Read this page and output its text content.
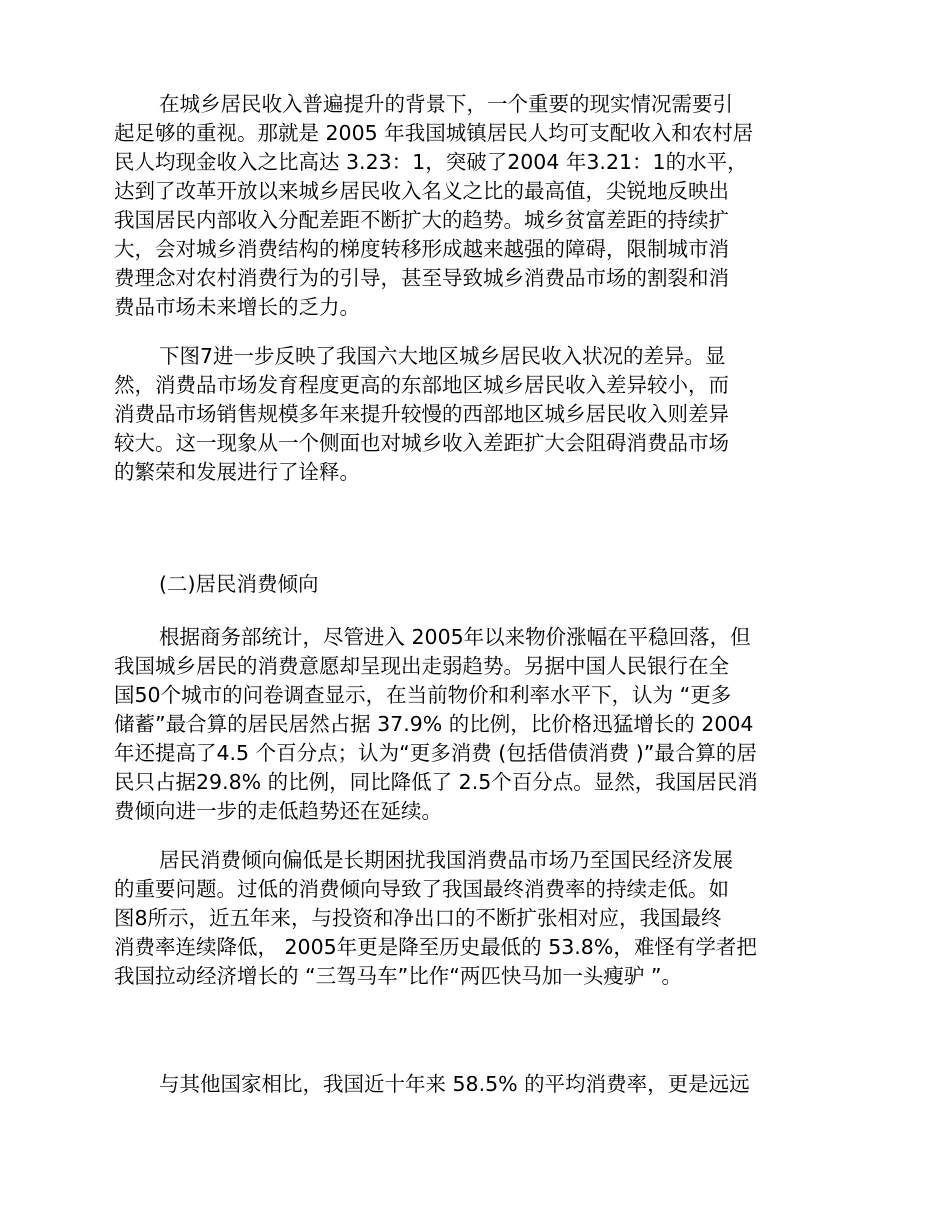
在城乡居民收入普遍提升的背景下，一个重要的现实情况需要引
起足够的重视。那就是 2005 年我国城镇居民人均可支配收入和农村居
民人均现金收入之比高达 3.23：1，突破了2004 年3.21：1的水平，
达到了改革开放以来城乡居民收入名义之比的最高值，尖锐地反映出
我国居民内部收入分配差距不断扩大的趋势。城乡贫富差距的持续扩
大，会对城乡消费结构的梯度转移形成越来越强的障碍，限制城市消
费理念对农村消费行为的引导，甚至导致城乡消费品市场的割裂和消
费品市场未来增长的乏力。
下图7进一步反映了我国六大地区城乡居民收入状况的差异。显
然，消费品市场发育程度更高的东部地区城乡居民收入差异较小，而
消费品市场销售规模多年来提升较慢的西部地区城乡居民收入则差异
较大。这一现象从一个侧面也对城乡收入差距扩大会阻碍消费品市场
的繁荣和发展进行了诠释。

(二)居民消费倾向

根据商务部统计，尽管进入 2005年以来物价涨幅在平稳回落，但
我国城乡居民的消费意愿却呈现出走弱趋势。另据中国人民银行在全
国50个城市的问卷调查显示，在当前物价和利率水平下，认为 “更多
储蓄”最合算的居民居然占据 37.9% 的比例，比价格迅猛增长的 2004
年还提高了4.5 个百分点；认为“更多消费 (包括借债消费 )”最合算的居
民只占据29.8% 的比例，同比降低了 2.5个百分点。显然，我国居民消
费倾向进一步的走低趋势还在延续。
居民消费倾向偏低是长期困扰我国消费品市场乃至国民经济发展
的重要问题。过低的消费倾向导致了我国最终消费率的持续走低。如
图8所示，近五年来，与投资和净出口的不断扩张相对应，我国最终
消费率连续降低， 2005年更是降至历史最低的 53.8%，难怪有学者把
我国拉动经济增长的 “三驾马车”比作“两匹快马加一头瘦驴 ”。
与其他国家相比，我国近十年来 58.5% 的平均消费率，更是远远
